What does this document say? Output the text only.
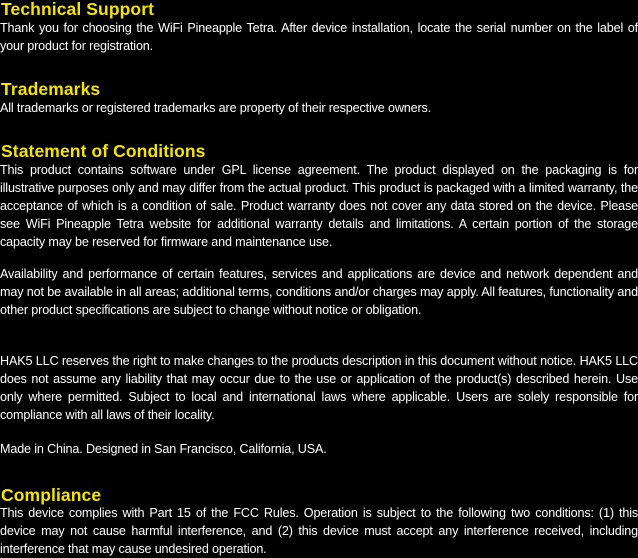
Technical Support

Thank you for choosing the WiFi Pineapple Tetra. After device installation, locate the serial number on the label of your product for registration.

Trademarks

All trademarks or registered trademarks are property of their respective owners.

Statement of Conditions

This product contains software under GPL license agreement. The product displayed on the packaging is for illustrative purposes only and may differ from the actual product. This product is packaged with a limited warranty, the acceptance of which is a condition of sale. Product warranty does not cover any data stored on the device. Please see WiFi Pineapple Tetra website for additional warranty details and limitations. A certain portion of the storage capacity may be reserved for firmware and maintenance use.

Availability and performance of certain features, services and applications are device and network dependent and may not be available in all areas; additional terms, conditions and/or charges may apply. All features, functionality and other product specifications are subject to change without notice or obligation.

HAK5 LLC reserves the right to make changes to the products description in this document without notice. HAK5 LLC does not assume any liability that may occur due to the use or application of the product(s) described herein. Use only where permitted. Subject to local and international laws where applicable. Users are solely responsible for compliance with all laws of their locality.

Made in China. Designed in San Francisco, California, USA.

Compliance

This device complies with Part 15 of the FCC Rules. Operation is subject to the following two conditions: (1) this device may not cause harmful interference, and (2) this device must accept any interference received, including interference that may cause undesired operation.
